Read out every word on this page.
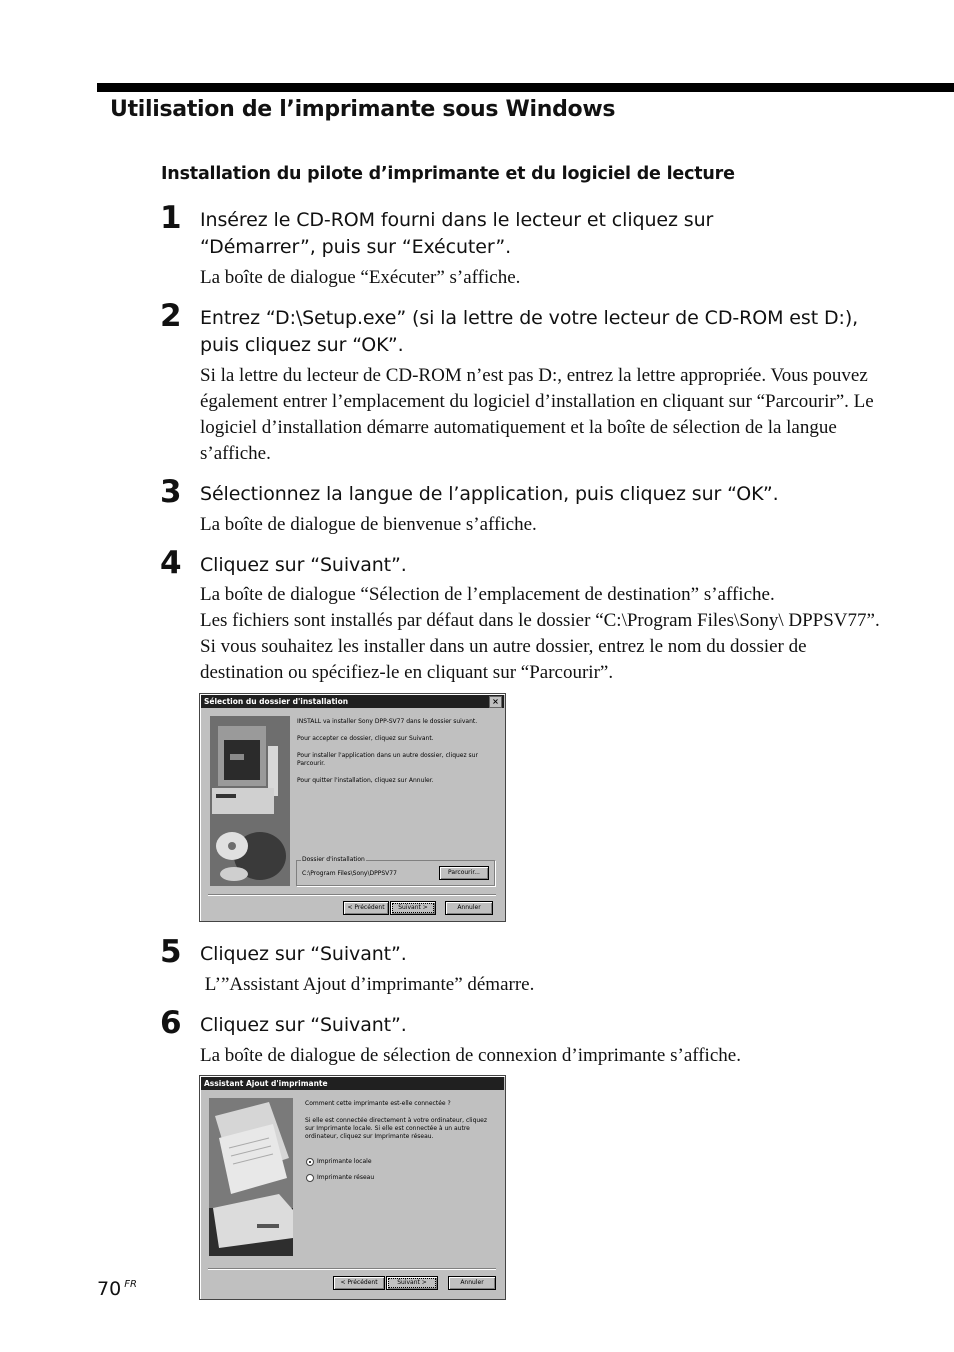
Utilisation de l’imprimante sous Windows
Installation du pilote d’imprimante et du logiciel de lecture
1 Insérez le CD-ROM fourni dans le lecteur et cliquez sur “Démarrer”, puis sur “Exécuter”.

La boîte de dialogue “Exécuter” s’affiche.

2 Entrez “D:\Setup.exe” (si la lettre de votre lecteur de CD-ROM est D:), puis cliquez sur “OK”.

Si la lettre du lecteur de CD-ROM n’est pas D:, entrez la lettre appropriée. Vous pouvez également entrer l’emplacement du logiciel d’installation en cliquant sur “Parcourir”. Le logiciel d’installation démarre automatiquement et la boîte de sélection de la langue s’affiche.

3 Sélectionnez la langue de l’application, puis cliquez sur “OK”.

La boîte de dialogue de bienvenue s’affiche.

4 Cliquez sur “Suivant”.

La boîte de dialogue “Sélection de l’emplacement de destination” s’affiche.

Les fichiers sont installés par défaut dans le dossier “C:\Program Files\Sony\ DPPSV77”. Si vous souhaitez les installer dans un autre dossier, entrez le nom du dossier de destination ou spécifiez-le en cliquant sur “Parcourir”.

Sélection du dossier d'installation	×
INSTALL va installer Sony DPP-SV77 dans le dossier suivant.
Pour accepter ce dossier, cliquez sur Suivant.
Pour installer l'application dans un autre dossier, cliquez sur Parcourir.
Pour quitter l'installation, cliquez sur Annuler.
Dossier d'installation
C:\Program Files\Sony\DPPSV77	Parcourir...
< Précédent	Suivant >	Annuler
5 Cliquez sur “Suivant”.

L’”Assistant Ajout d’imprimante” démarre.

6 Cliquez sur “Suivant”.

La boîte de dialogue de sélection de connexion d’imprimante s’affiche.

Assistant Ajout d'imprimante
Comment cette imprimante est-elle connectée ?
Si elle est connectée directement à votre ordinateur, cliquez sur Imprimante locale. Si elle est connectée à un autre ordinateur, cliquez sur Imprimante réseau.
Imprimante locale
Imprimante réseau
< Précédent	Suivant >	Annuler
70 $^{FR}$
